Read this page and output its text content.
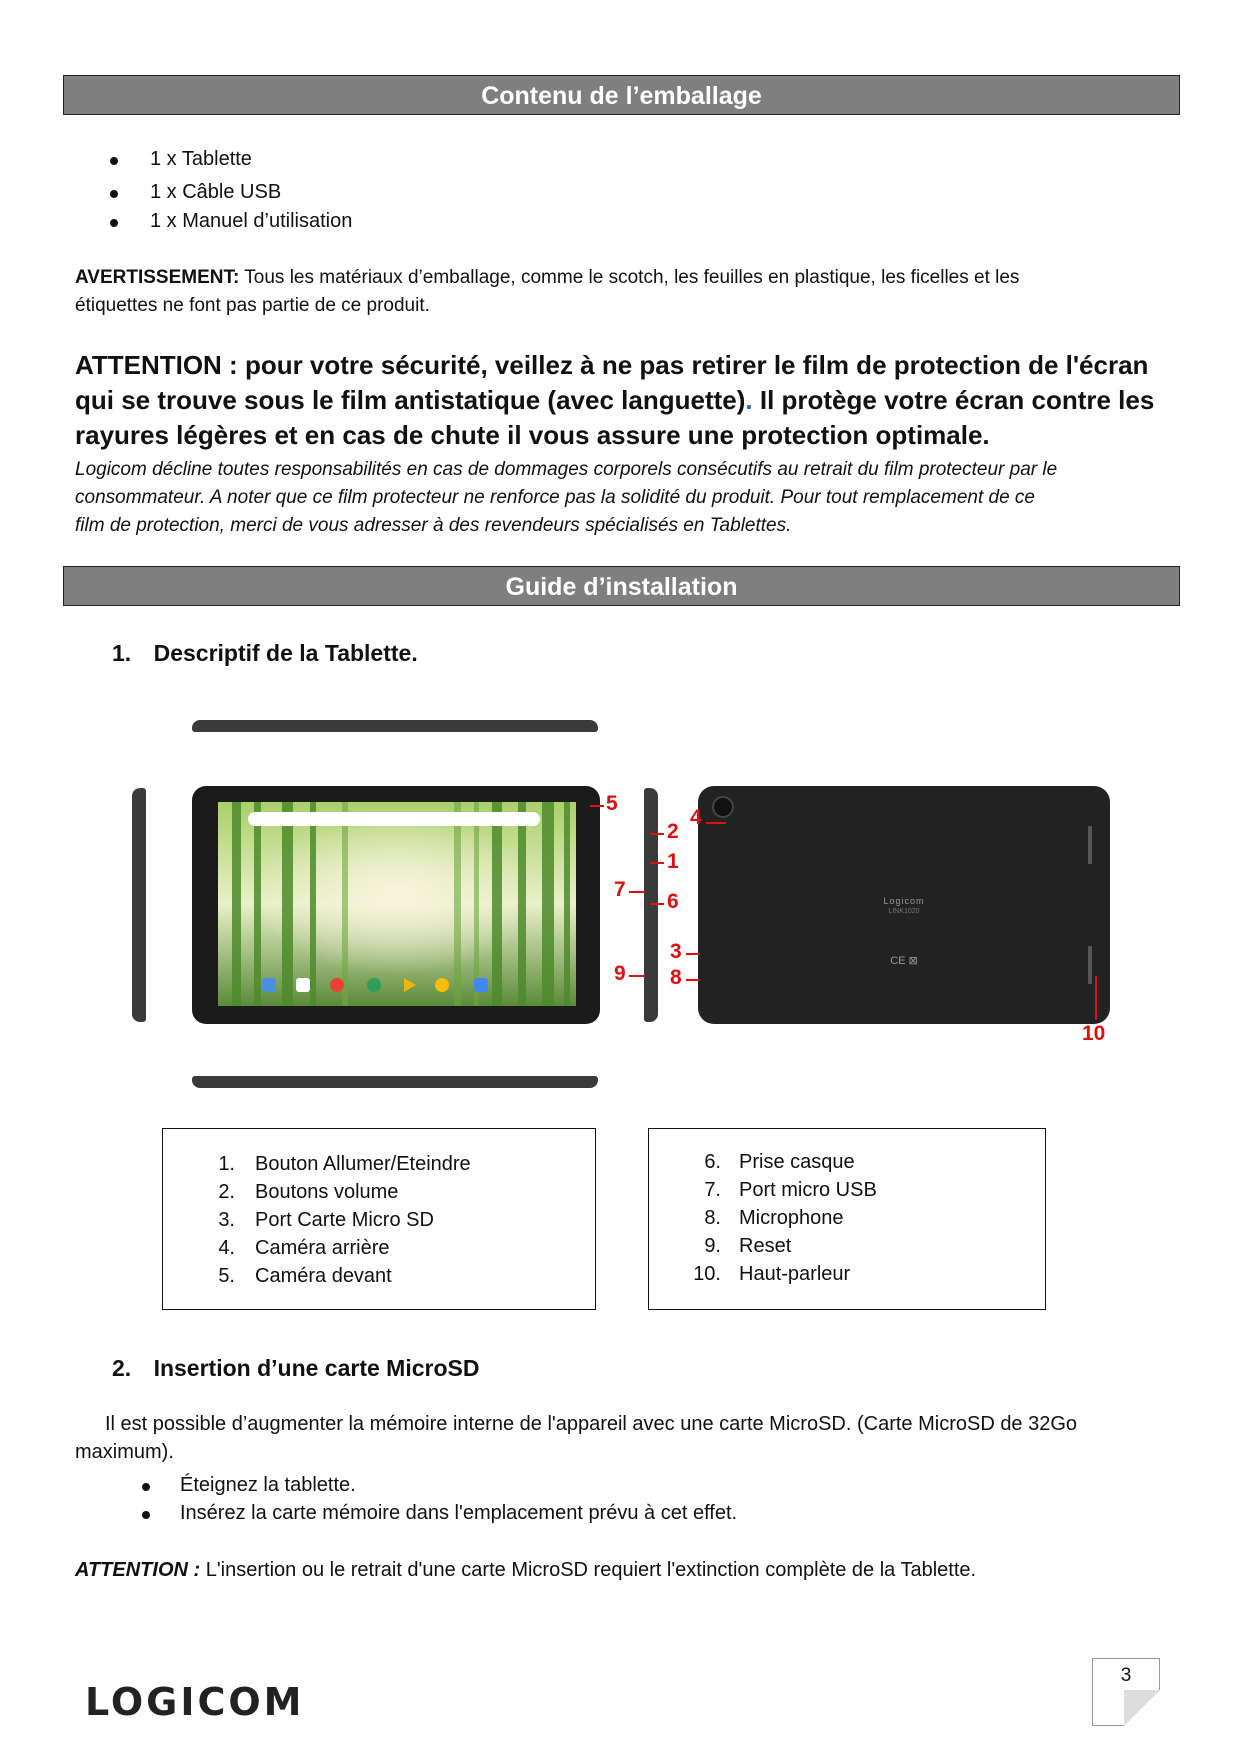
Contenu de l’emballage
1 x Tablette
1 x Câble USB
1 x Manuel d’utilisation
AVERTISSEMENT: Tous les matériaux d’emballage, comme le scotch, les feuilles en plastique, les ficelles et les
étiquettes ne font pas partie de ce produit.
ATTENTION : pour votre sécurité, veillez à ne pas retirer le film de protection de l'écran
qui se trouve sous le film antistatique (avec languette). Il protège votre écran contre les
rayures légères et en cas de chute il vous assure une protection optimale.
Logicom décline toutes responsabilités en cas de dommages corporels consécutifs au retrait du film protecteur par le
consommateur. A noter que ce film protecteur ne renforce pas la solidité du produit. Pour tout remplacement de ce
film de protection, merci de vous adresser à des revendeurs spécialisés en Tablettes.
Guide d’installation
1. Descriptif de la Tablette.
Logicom
LINK1020
CE ⊠
5
4
2
1
7
6
3
9 8
10
1. Bouton Allumer/Eteindre
2. Boutons volume
3. Port Carte Micro SD
4. Caméra arrière
5. Caméra devant
6. Prise casque
7. Port micro USB
8. Microphone
9. Reset
10. Haut-parleur
2. Insertion d’une carte MicroSD
Il est possible d’augmenter la mémoire interne de l'appareil avec une carte MicroSD. (Carte MicroSD de 32Go
maximum).
Éteignez la tablette.
Insérez la carte mémoire dans l'emplacement prévu à cet effet.
ATTENTION : L'insertion ou le retrait d'une carte MicroSD requiert l'extinction complète de la Tablette.
LOGICOM
3
